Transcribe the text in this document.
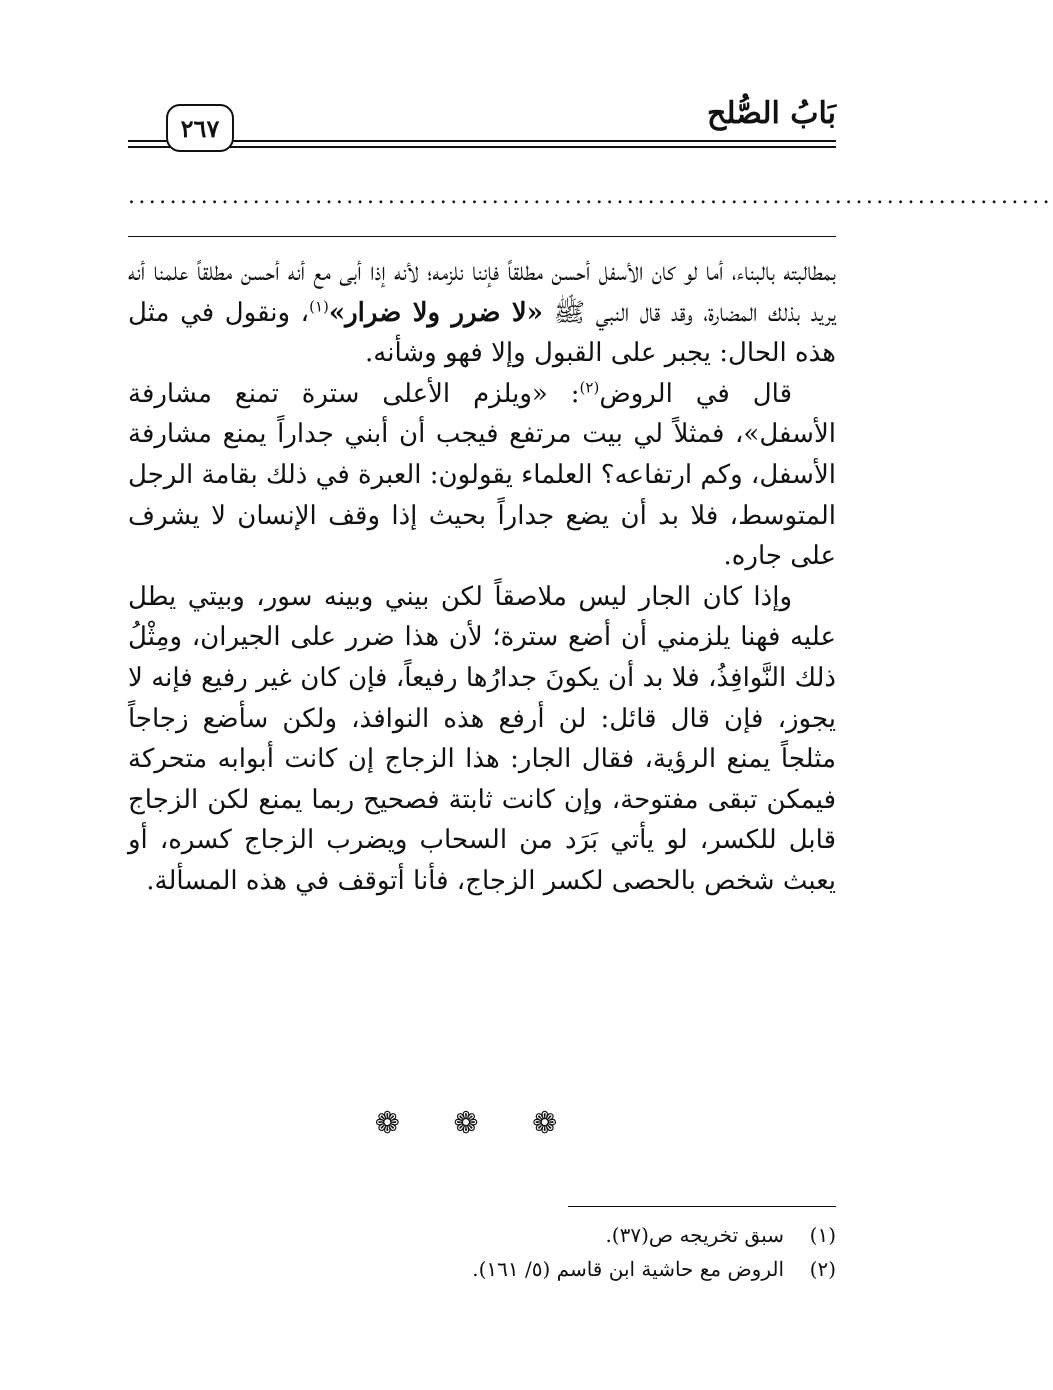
بَابُ الصُّلح
٢٦٧
.........................................................................................

بمطالبته بالبناء، أما لو كان الأسفل أحسن مطلقاً فإننا نلزمه؛ لأنه إذا أبى مع أنه أحسن مطلقاً علمنا أنه يريد بذلك المضارة، وقد قال النبي ﷺ «لا ضرر ولا ضرار»$^{(١)}$، ونقول في مثل هذه الحال: يجبر على القبول وإلا فهو وشأنه.

قال في الروض$^{(٢)}$: «ويلزم الأعلى سترة تمنع مشارفة الأسفل»، فمثلاً لي بيت مرتفع فيجب أن أبني جداراً يمنع مشارفة الأسفل، وكم ارتفاعه؟ العلماء يقولون: العبرة في ذلك بقامة الرجل المتوسط، فلا بد أن يضع جداراً بحيث إذا وقف الإنسان لا يشرف على جاره.

وإذا كان الجار ليس ملاصقاً لكن بيني وبينه سور، وبيتي يطل عليه فهنا يلزمني أن أضع سترة؛ لأن هذا ضرر على الجيران، ومِثْلُ ذلك النَّوافِذُ، فلا بد أن يكونَ جدارُها رفيعاً، فإن كان غير رفيع فإنه لا يجوز، فإن قال قائل: لن أرفع هذه النوافذ، ولكن سأضع زجاجاً مثلجاً يمنع الرؤية، فقال الجار: هذا الزجاج إن كانت أبوابه متحركة فيمكن تبقى مفتوحة، وإن كانت ثابتة فصحيح ربما يمنع لكن الزجاج قابل للكسر، لو يأتي بَرَد من السحاب ويضرب الزجاج كسره، أو يعبث شخص بالحصى لكسر الزجاج، فأنا أتوقف في هذه المسألة.

❁ ❁ ❁
(١)
سبق تخريجه ص(٣٧).
(٢)
الروض مع حاشية ابن قاسم (٥/ ١٦١).
